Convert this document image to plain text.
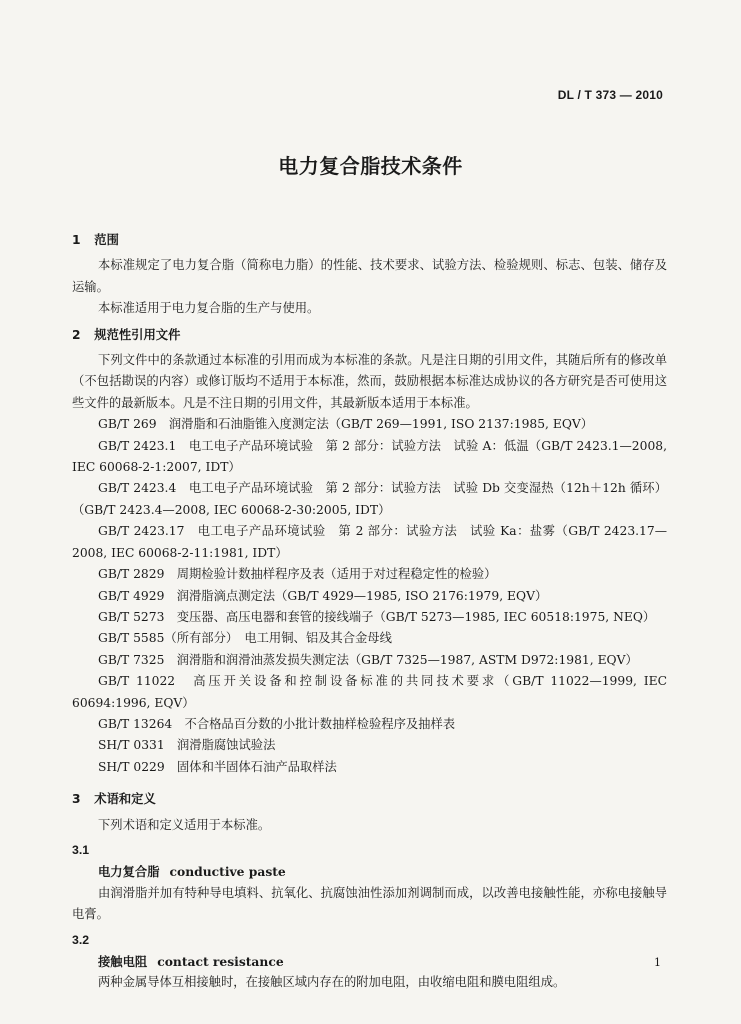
DL / T 373 — 2010
电力复合脂技术条件
1 范围

本标准规定了电力复合脂（简称电力脂）的性能、技术要求、试验方法、检验规则、标志、包装、储存及运输。

本标准适用于电力复合脂的生产与使用。

2 规范性引用文件

下列文件中的条款通过本标准的引用而成为本标准的条款。凡是注日期的引用文件，其随后所有的修改单（不包括勘误的内容）或修订版均不适用于本标准，然而，鼓励根据本标准达成协议的各方研究是否可使用这些文件的最新版本。凡是不注日期的引用文件，其最新版本适用于本标准。

GB/T 269　润滑脂和石油脂锥入度测定法（GB/T 269—1991, ISO 2137:1985, EQV）
GB/T 2423.1　电工电子产品环境试验　第 2 部分：试验方法　试验 A：低温（GB/T 2423.1—2008, IEC 60068-2-1:2007, IDT）
GB/T 2423.4　电工电子产品环境试验　第 2 部分：试验方法　试验 Db 交变湿热（12h＋12h 循环）（GB/T 2423.4—2008, IEC 60068-2-30:2005, IDT）
GB/T 2423.17　电工电子产品环境试验　第 2 部分：试验方法　试验 Ka：盐雾（GB/T 2423.17—2008, IEC 60068-2-11:1981, IDT）
GB/T 2829　周期检验计数抽样程序及表（适用于对过程稳定性的检验）
GB/T 4929　润滑脂滴点测定法（GB/T 4929—1985, ISO 2176:1979, EQV）
GB/T 5273　变压器、高压电器和套管的接线端子（GB/T 5273—1985, IEC 60518:1975, NEQ）
GB/T 5585（所有部分）　电工用铜、铝及其合金母线
GB/T 7325　润滑脂和润滑油蒸发损失测定法（GB/T 7325—1987, ASTM D972:1981, EQV）
GB/T 11022　高压开关设备和控制设备标准的共同技术要求（GB/T 11022—1999, IEC 60694:1996, EQV）
GB/T 13264　不合格品百分数的小批计数抽样检验程序及抽样表
SH/T 0331　润滑脂腐蚀试验法
SH/T 0229　固体和半固体石油产品取样法
3 术语和定义

下列术语和定义适用于本标准。

3.1
电力复合脂 conductive paste

由润滑脂并加有特种导电填料、抗氧化、抗腐蚀油性添加剂调制而成，以改善电接触性能，亦称电接触导电膏。

3.2
接触电阻 contact resistance

两种金属导体互相接触时，在接触区域内存在的附加电阻，由收缩电阻和膜电阻组成。

1
